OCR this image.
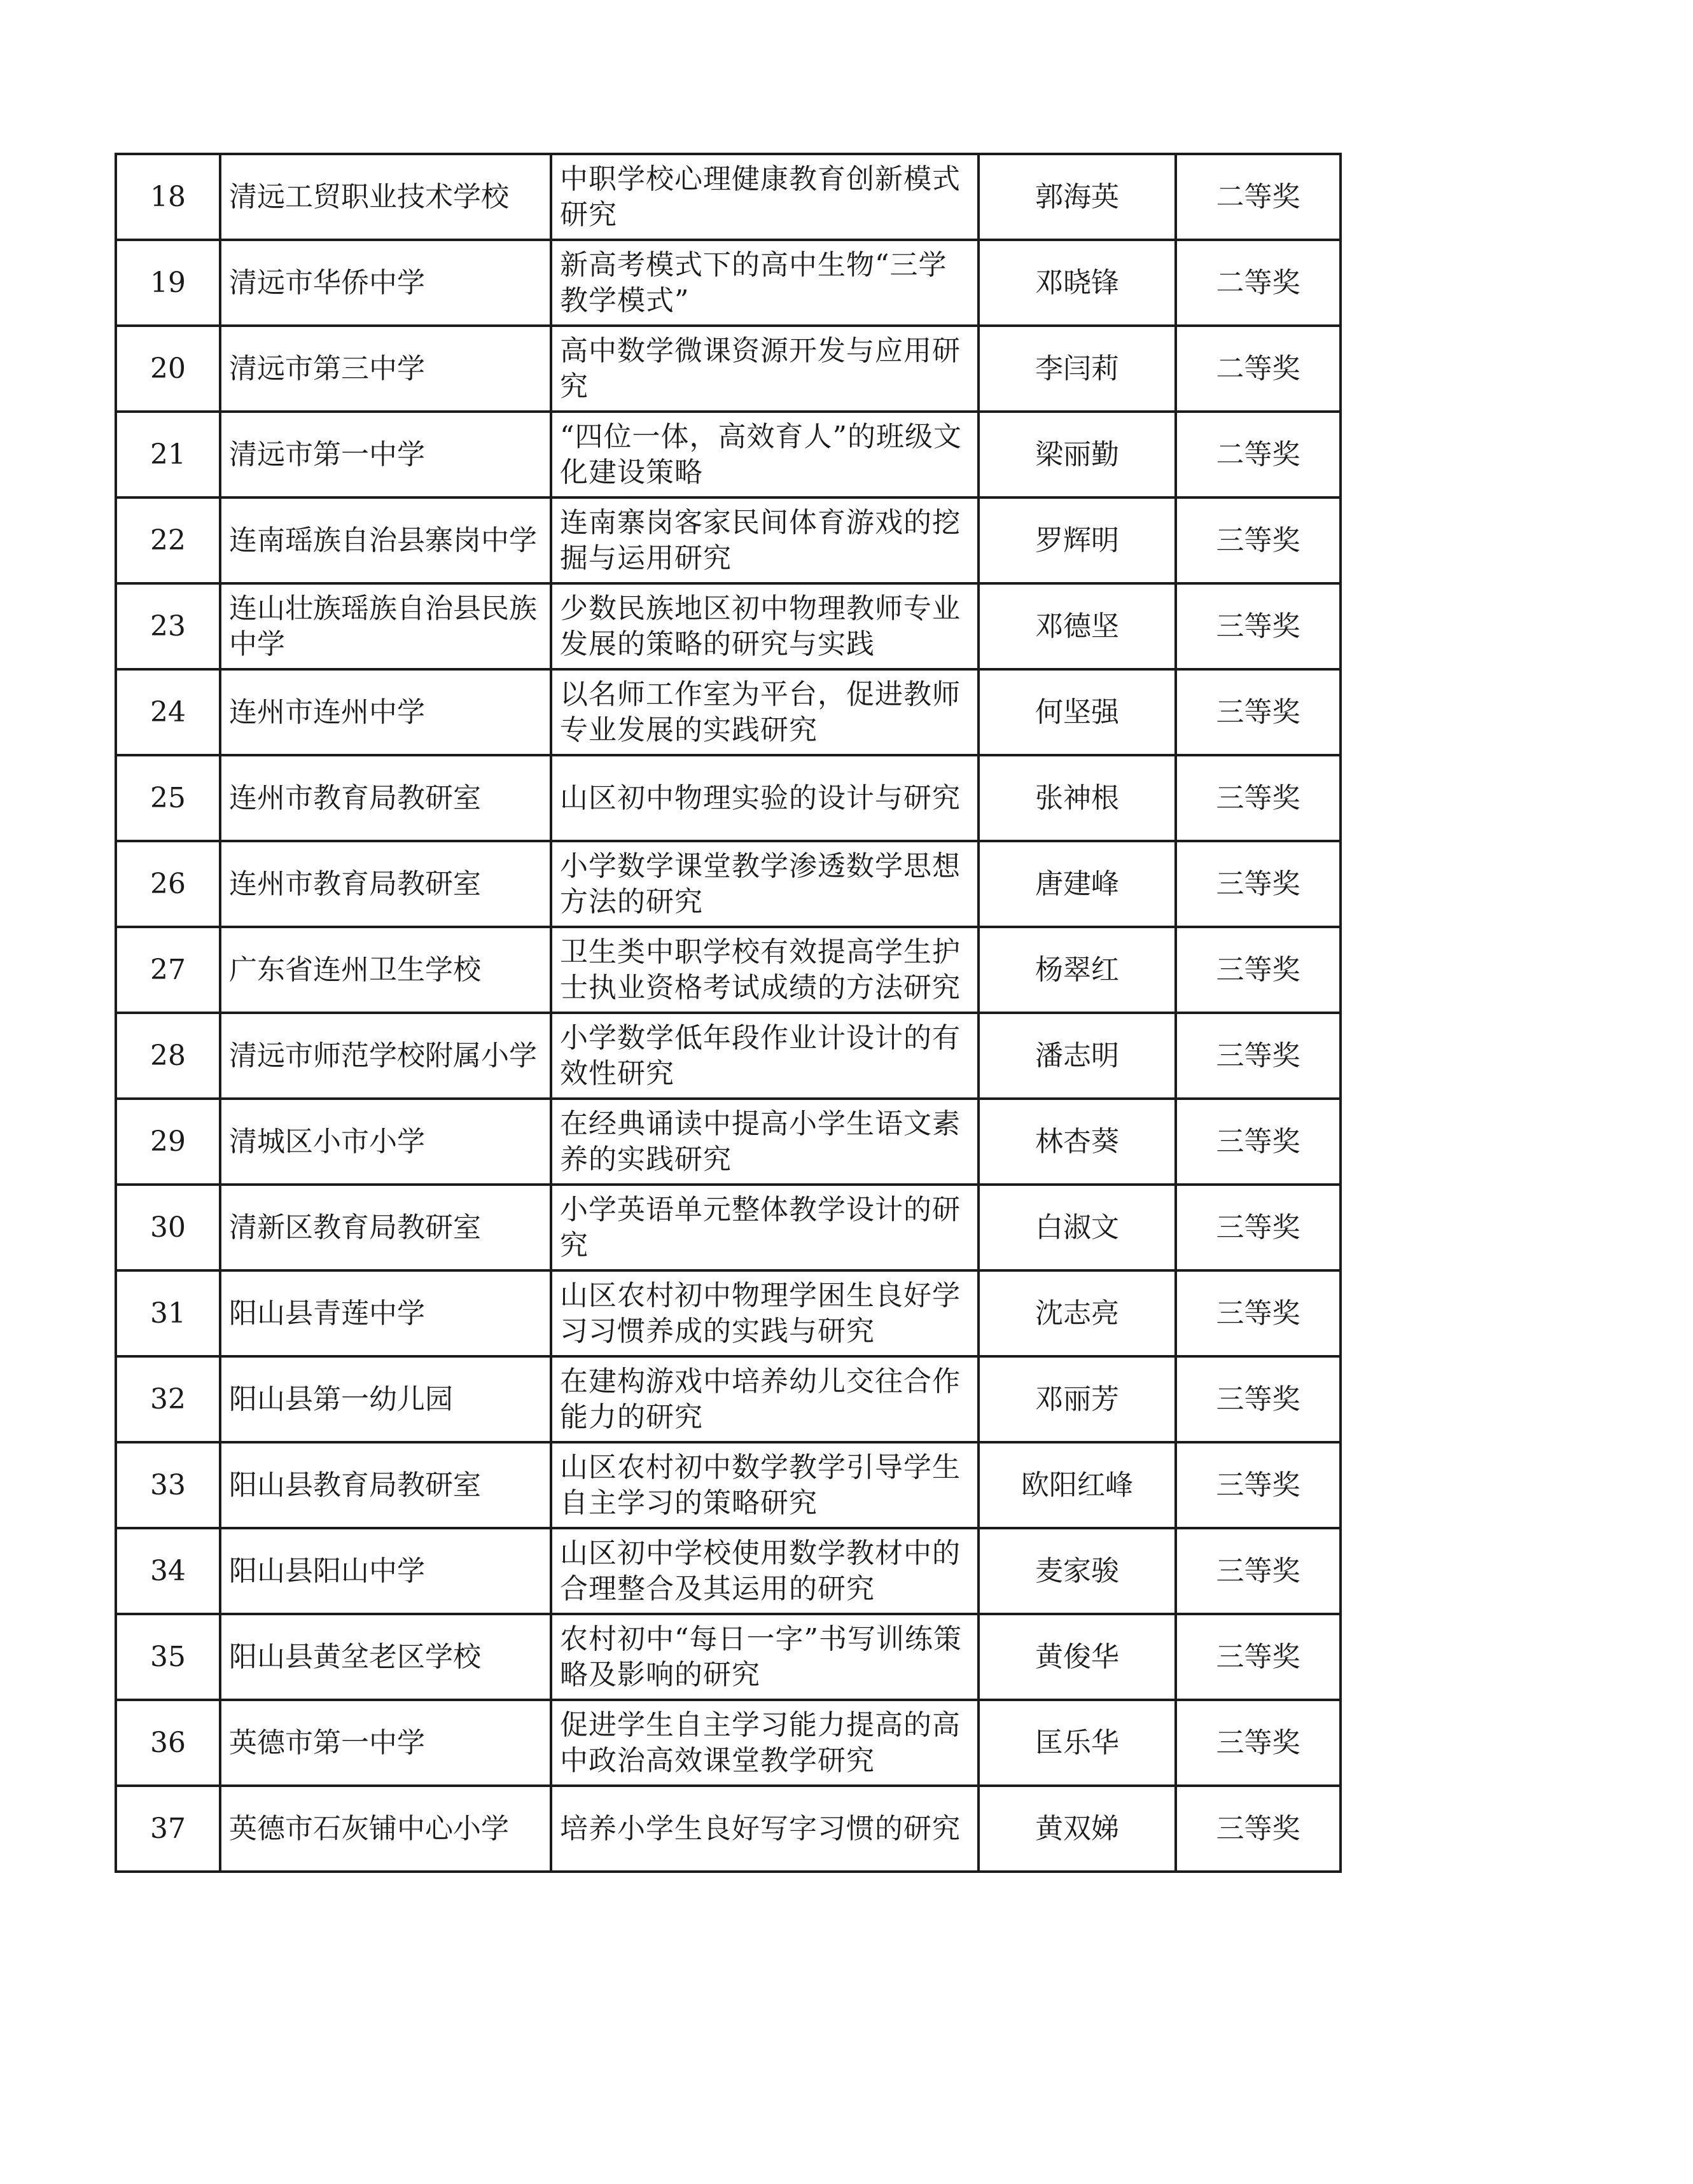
18	清远工贸职业技术学校	中职学校心理健康教育创新模式研究	郭海英	二等奖
19	清远市华侨中学	新高考模式下的高中生物“三学教学模式”	邓晓锋	二等奖
20	清远市第三中学	高中数学微课资源开发与应用研究	李闫莉	二等奖
21	清远市第一中学	“四位一体，高效育人”的班级文化建设策略	梁丽勤	二等奖
22	连南瑶族自治县寨岗中学	连南寨岗客家民间体育游戏的挖掘与运用研究	罗辉明	三等奖
23	连山壮族瑶族自治县民族中学	少数民族地区初中物理教师专业发展的策略的研究与实践	邓德坚	三等奖
24	连州市连州中学	以名师工作室为平台，促进教师专业发展的实践研究	何坚强	三等奖
25	连州市教育局教研室	山区初中物理实验的设计与研究	张神根	三等奖
26	连州市教育局教研室	小学数学课堂教学渗透数学思想方法的研究	唐建峰	三等奖
27	广东省连州卫生学校	卫生类中职学校有效提高学生护士执业资格考试成绩的方法研究	杨翠红	三等奖
28	清远市师范学校附属小学	小学数学低年段作业计设计的有效性研究	潘志明	三等奖
29	清城区小市小学	在经典诵读中提高小学生语文素养的实践研究	林杏葵	三等奖
30	清新区教育局教研室	小学英语单元整体教学设计的研究	白淑文	三等奖
31	阳山县青莲中学	山区农村初中物理学困生良好学习习惯养成的实践与研究	沈志亮	三等奖
32	阳山县第一幼儿园	在建构游戏中培养幼儿交往合作能力的研究	邓丽芳	三等奖
33	阳山县教育局教研室	山区农村初中数学教学引导学生 自主学习的策略研究	欧阳红峰	三等奖
34	阳山县阳山中学	山区初中学校使用数学教材中的合理整合及其运用的研究	麦家骏	三等奖
35	阳山县黄坌老区学校	农村初中“每日一字”书写训练策略及影响的研究	黄俊华	三等奖
36	英德市第一中学	促进学生自主学习能力提高的高中政治高效课堂教学研究	匡乐华	三等奖
37	英德市石灰铺中心小学	培养小学生良好写字习惯的研究	黄双娣	三等奖
